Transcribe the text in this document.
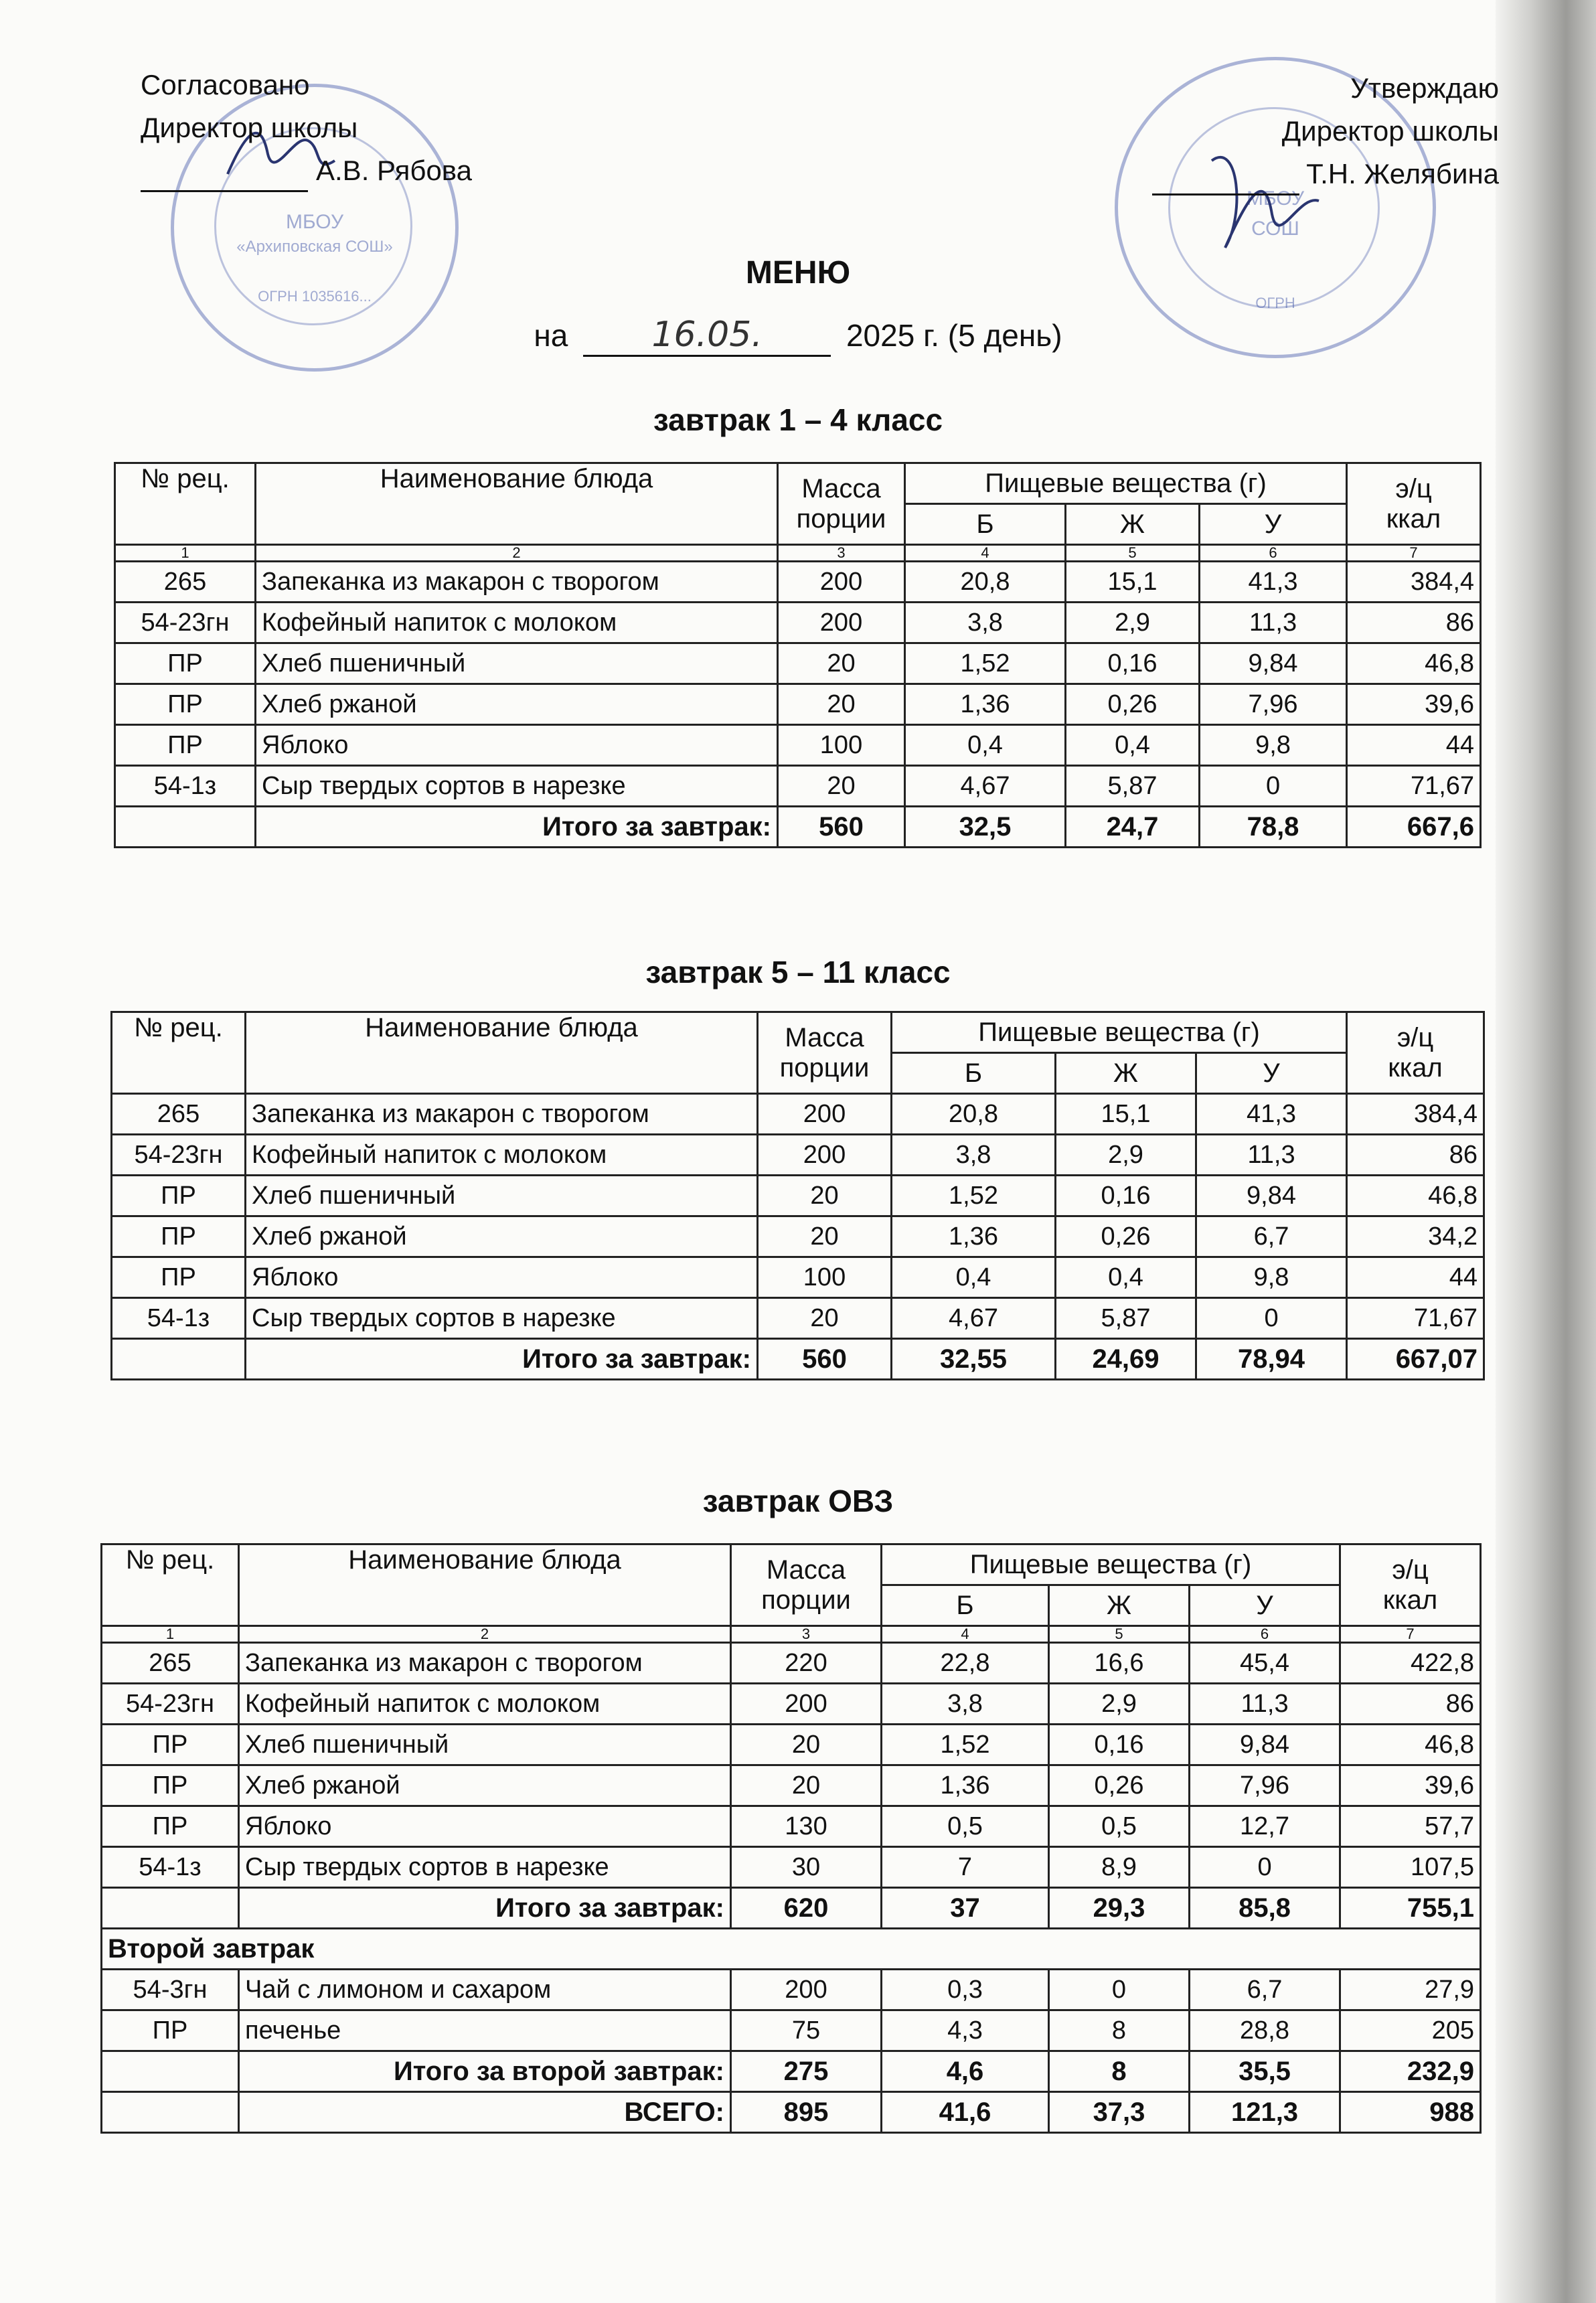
МБОУ
«Архиповская СОШ»
ОГРН 1035616...
МБОУ
СОШ
ОГРН
Согласовано
Директор школы
А.В. Рябова
Утверждаю
Директор школы
Т.Н. Желябина
МЕНЮ
на 16.05.	2025 г. (5 день)
завтрак 1 – 4 класс
№ рец.	Наименование блюда	Масса
порции	Пищевые вещества (г)			э/ц
ккал
			Б	Ж	У	
1	2	3	4	5	6	7
265	Запеканка из макарон с творогом	200	20,8	15,1	41,3	384,4
54-23гн	Кофейный напиток с молоком	200	3,8	2,9	11,3	86
ПР	Хлеб пшеничный	20	1,52	0,16	9,84	46,8
ПР	Хлеб ржаной	20	1,36	0,26	7,96	39,6
ПР	Яблоко	100	0,4	0,4	9,8	44
54-1з	Сыр твердых сортов в нарезке	20	4,67	5,87	0	71,67
	Итого за завтрак:	560	32,5	24,7	78,8	667,6
завтрак 5 – 11 класс
№ рец.	Наименование блюда	Масса
порции	Пищевые вещества (г)			э/ц
ккал
			Б	Ж	У	
265	Запеканка из макарон с творогом	200	20,8	15,1	41,3	384,4
54-23гн	Кофейный напиток с молоком	200	3,8	2,9	11,3	86
ПР	Хлеб пшеничный	20	1,52	0,16	9,84	46,8
ПР	Хлеб ржаной	20	1,36	0,26	6,7	34,2
ПР	Яблоко	100	0,4	0,4	9,8	44
54-1з	Сыр твердых сортов в нарезке	20	4,67	5,87	0	71,67
	Итого за завтрак:	560	32,55	24,69	78,94	667,07
завтрак ОВЗ
№ рец.	Наименование блюда	Масса
порции	Пищевые вещества (г)			э/ц
ккал
			Б	Ж	У	
1	2	3	4	5	6	7
265	Запеканка из макарон с творогом	220	22,8	16,6	45,4	422,8
54-23гн	Кофейный напиток с молоком	200	3,8	2,9	11,3	86
ПР	Хлеб пшеничный	20	1,52	0,16	9,84	46,8
ПР	Хлеб ржаной	20	1,36	0,26	7,96	39,6
ПР	Яблоко	130	0,5	0,5	12,7	57,7
54-1з	Сыр твердых сортов в нарезке	30	7	8,9	0	107,5
	Итого за завтрак:	620	37	29,3	85,8	755,1
Второй завтрак						
54-3гн	Чай с лимоном и сахаром	200	0,3	0	6,7	27,9
ПР	печенье	75	4,3	8	28,8	205
	Итого за второй завтрак:	275	4,6	8	35,5	232,9
	ВСЕГО:	895	41,6	37,3	121,3	988
